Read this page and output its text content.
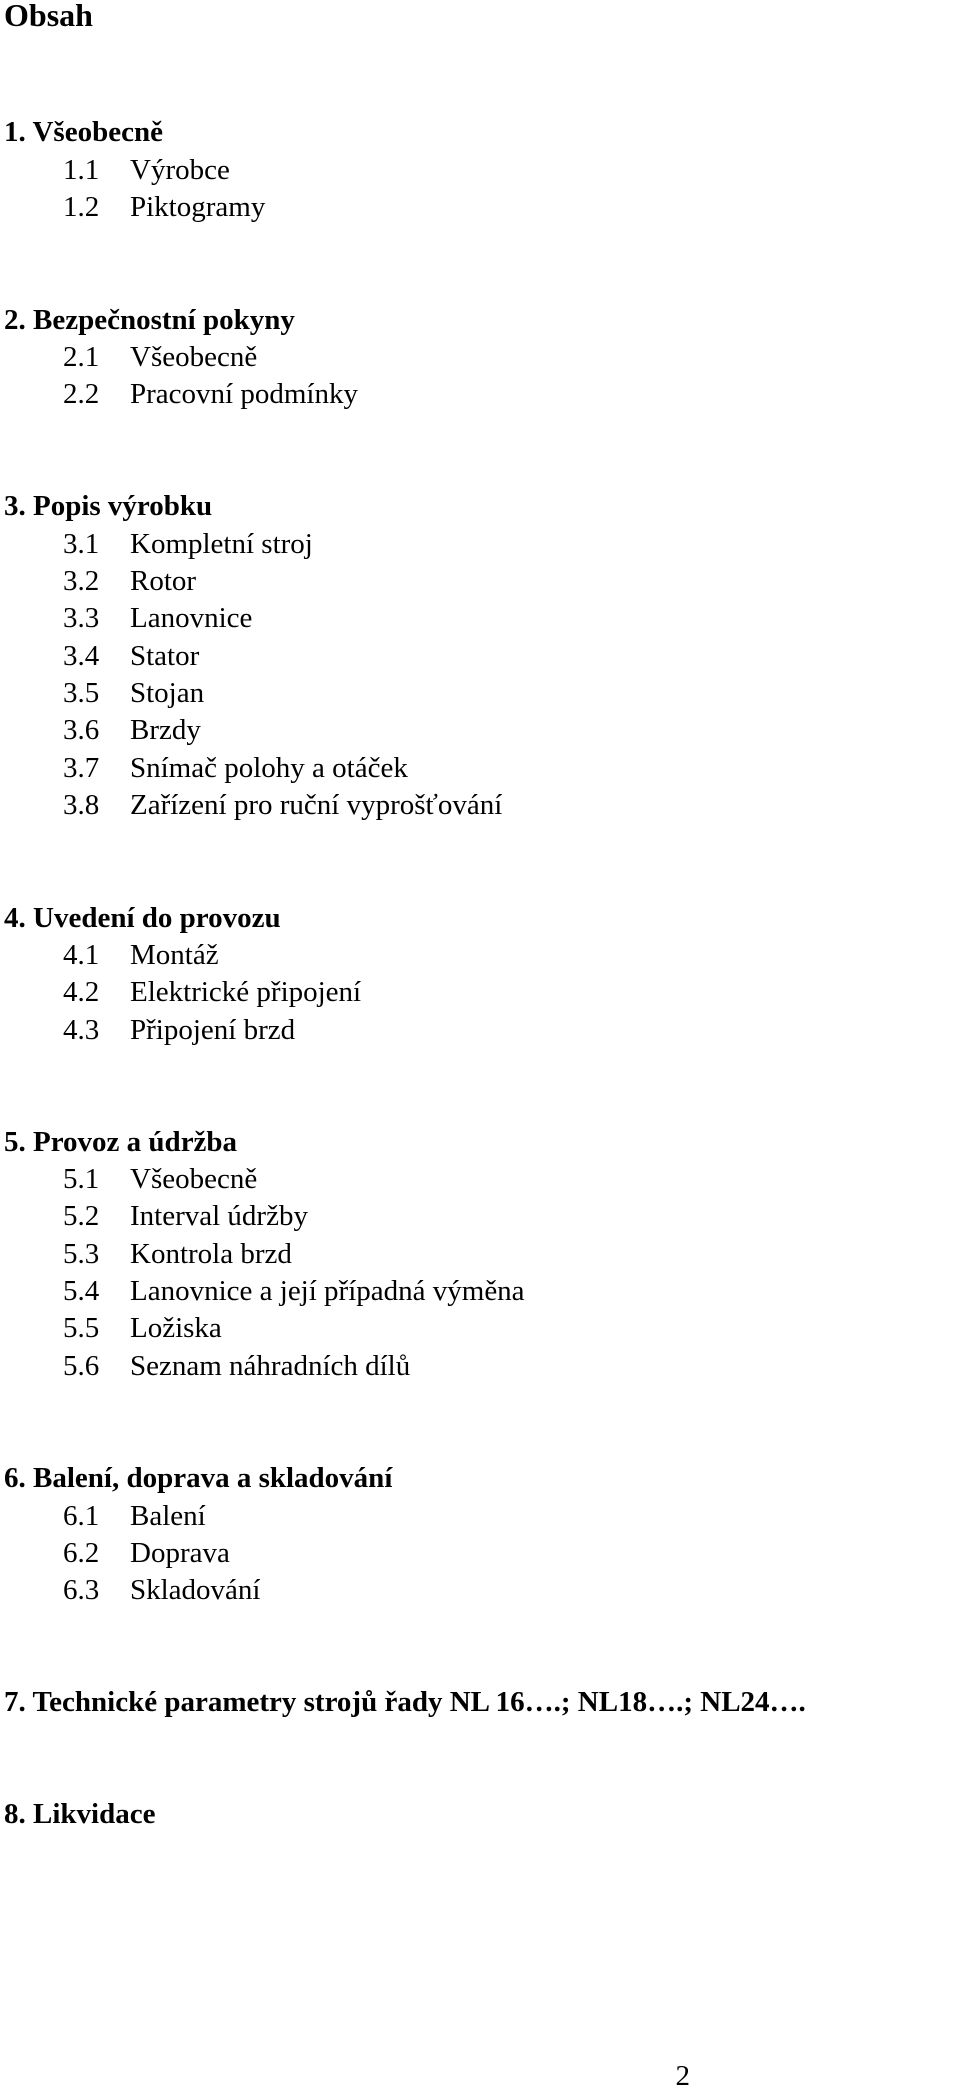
Obsah
1. Všeobecně
1.1 Výrobce
1.2 Piktogramy
2. Bezpečnostní pokyny
2.1 Všeobecně
2.2 Pracovní podmínky
3. Popis výrobku
3.1 Kompletní stroj
3.2 Rotor
3.3 Lanovnice
3.4 Stator
3.5 Stojan
3.6 Brzdy
3.7 Snímač polohy a otáček
3.8 Zařízení pro ruční vyprošťování
4. Uvedení do provozu
4.1 Montáž
4.2 Elektrické připojení
4.3 Připojení brzd
5. Provoz a údržba
5.1 Všeobecně
5.2 Interval údržby
5.3 Kontrola brzd
5.4 Lanovnice a její případná výměna
5.5 Ložiska
5.6 Seznam náhradních dílů
6. Balení, doprava a skladování
6.1 Balení
6.2 Doprava
6.3 Skladování
7. Technické parametry strojů řady NL 16….; NL18….; NL24….
8. Likvidace
2
